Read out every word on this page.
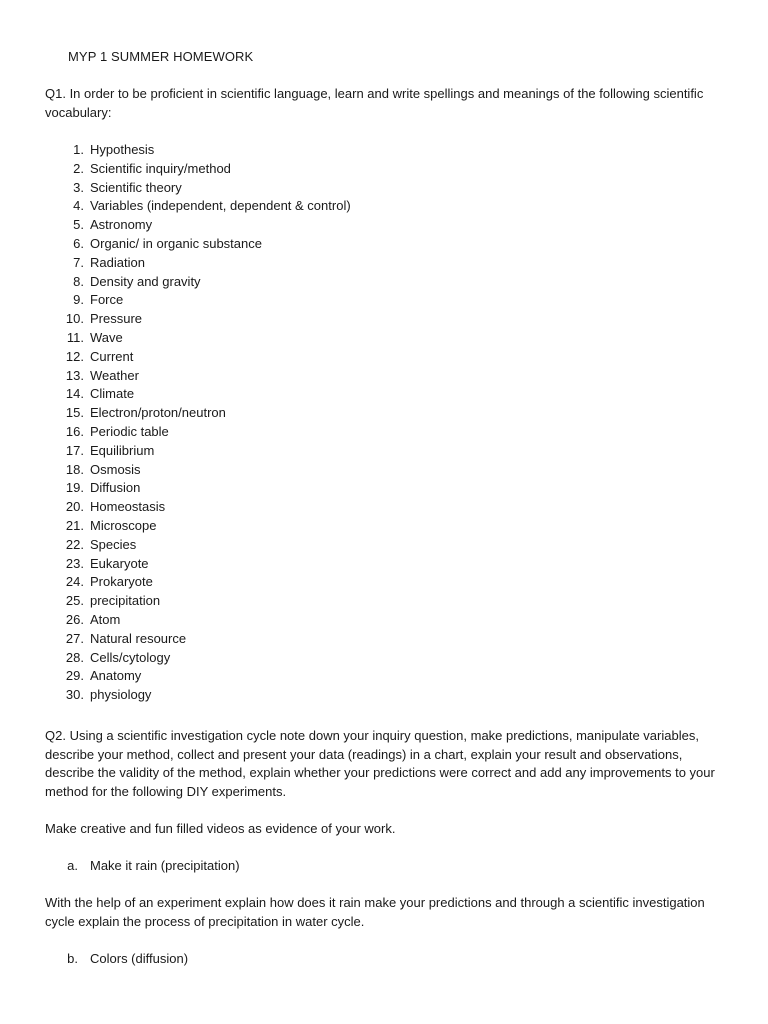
MYP 1 SUMMER HOMEWORK
Q1. In order to be proficient in scientific language, learn and write spellings and meanings of the following scientific vocabulary:
1. Hypothesis
2. Scientific inquiry/method
3. Scientific theory
4. Variables (independent, dependent & control)
5. Astronomy
6. Organic/ in organic substance
7. Radiation
8. Density and gravity
9. Force
10. Pressure
11. Wave
12. Current
13. Weather
14. Climate
15. Electron/proton/neutron
16. Periodic table
17. Equilibrium
18. Osmosis
19. Diffusion
20. Homeostasis
21. Microscope
22. Species
23. Eukaryote
24. Prokaryote
25. precipitation
26. Atom
27. Natural resource
28. Cells/cytology
29. Anatomy
30. physiology
Q2. Using a scientific investigation cycle note down your inquiry question, make predictions, manipulate variables, describe your method, collect and present your data (readings) in a chart, explain your result and observations, describe the validity of the method, explain whether your predictions were correct and add any improvements to your method for the following DIY experiments.
Make creative and fun filled videos as evidence of your work.
a. Make it rain (precipitation)
With the help of an experiment explain how does it rain make your predictions and through a scientific investigation cycle explain the process of precipitation in water cycle.
b. Colors (diffusion)
